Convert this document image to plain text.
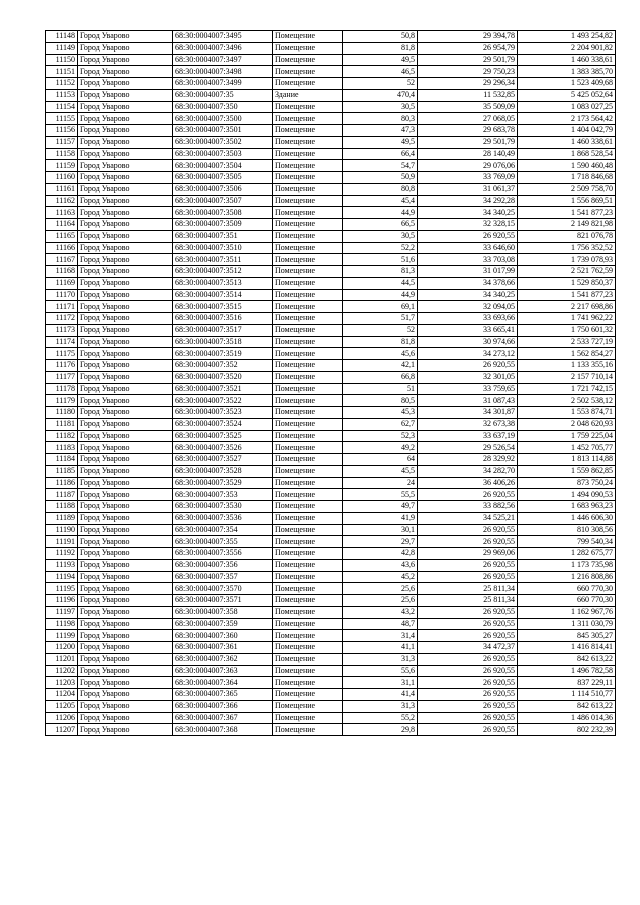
11148	Город Уварово	68:30:0004007:3495	Помещение	50,8	29 394,78	1 493 254,82
11149	Город Уварово	68:30:0004007:3496	Помещение	81,8	26 954,79	2 204 901,82
11150	Город Уварово	68:30:0004007:3497	Помещение	49,5	29 501,79	1 460 338,61
11151	Город Уварово	68:30:0004007:3498	Помещение	46,5	29 750,23	1 383 385,70
11152	Город Уварово	68:30:0004007:3499	Помещение	52	29 296,34	1 523 409,68
11153	Город Уварово	68:30:0004007:35	Здание	470,4	11 532,85	5 425 052,64
11154	Город Уварово	68:30:0004007:350	Помещение	30,5	35 509,09	1 083 027,25
11155	Город Уварово	68:30:0004007:3500	Помещение	80,3	27 068,05	2 173 564,42
11156	Город Уварово	68:30:0004007:3501	Помещение	47,3	29 683,78	1 404 042,79
11157	Город Уварово	68:30:0004007:3502	Помещение	49,5	29 501,79	1 460 338,61
11158	Город Уварово	68:30:0004007:3503	Помещение	66,4	28 140,49	1 868 528,54
11159	Город Уварово	68:30:0004007:3504	Помещение	54,7	29 076,06	1 590 460,48
11160	Город Уварово	68:30:0004007:3505	Помещение	50,9	33 769,09	1 718 846,68
11161	Город Уварово	68:30:0004007:3506	Помещение	80,8	31 061,37	2 509 758,70
11162	Город Уварово	68:30:0004007:3507	Помещение	45,4	34 292,28	1 556 869,51
11163	Город Уварово	68:30:0004007:3508	Помещение	44,9	34 340,25	1 541 877,23
11164	Город Уварово	68:30:0004007:3509	Помещение	66,5	32 328,15	2 149 821,98
11165	Город Уварово	68:30:0004007:351	Помещение	30,5	26 920,55	821 076,78
11166	Город Уварово	68:30:0004007:3510	Помещение	52,2	33 646,60	1 756 352,52
11167	Город Уварово	68:30:0004007:3511	Помещение	51,6	33 703,08	1 739 078,93
11168	Город Уварово	68:30:0004007:3512	Помещение	81,3	31 017,99	2 521 762,59
11169	Город Уварово	68:30:0004007:3513	Помещение	44,5	34 378,66	1 529 850,37
11170	Город Уварово	68:30:0004007:3514	Помещение	44,9	34 340,25	1 541 877,23
11171	Город Уварово	68:30:0004007:3515	Помещение	69,1	32 094,05	2 217 698,86
11172	Город Уварово	68:30:0004007:3516	Помещение	51,7	33 693,66	1 741 962,22
11173	Город Уварово	68:30:0004007:3517	Помещение	52	33 665,41	1 750 601,32
11174	Город Уварово	68:30:0004007:3518	Помещение	81,8	30 974,66	2 533 727,19
11175	Город Уварово	68:30:0004007:3519	Помещение	45,6	34 273,12	1 562 854,27
11176	Город Уварово	68:30:0004007:352	Помещение	42,1	26 920,55	1 133 355,16
11177	Город Уварово	68:30:0004007:3520	Помещение	66,8	32 301,05	2 157 710,14
11178	Город Уварово	68:30:0004007:3521	Помещение	51	33 759,65	1 721 742,15
11179	Город Уварово	68:30:0004007:3522	Помещение	80,5	31 087,43	2 502 538,12
11180	Город Уварово	68:30:0004007:3523	Помещение	45,3	34 301,87	1 553 874,71
11181	Город Уварово	68:30:0004007:3524	Помещение	62,7	32 673,38	2 048 620,93
11182	Город Уварово	68:30:0004007:3525	Помещение	52,3	33 637,19	1 759 225,04
11183	Город Уварово	68:30:0004007:3526	Помещение	49,2	29 526,54	1 452 705,77
11184	Город Уварово	68:30:0004007:3527	Помещение	64	28 329,92	1 813 114,88
11185	Город Уварово	68:30:0004007:3528	Помещение	45,5	34 282,70	1 559 862,85
11186	Город Уварово	68:30:0004007:3529	Помещение	24	36 406,26	873 750,24
11187	Город Уварово	68:30:0004007:353	Помещение	55,5	26 920,55	1 494 090,53
11188	Город Уварово	68:30:0004007:3530	Помещение	49,7	33 882,56	1 683 963,23
11189	Город Уварово	68:30:0004007:3536	Помещение	41,9	34 525,21	1 446 606,30
11190	Город Уварово	68:30:0004007:354	Помещение	30,1	26 920,55	810 308,56
11191	Город Уварово	68:30:0004007:355	Помещение	29,7	26 920,55	799 540,34
11192	Город Уварово	68:30:0004007:3556	Помещение	42,8	29 969,06	1 282 675,77
11193	Город Уварово	68:30:0004007:356	Помещение	43,6	26 920,55	1 173 735,98
11194	Город Уварово	68:30:0004007:357	Помещение	45,2	26 920,55	1 216 808,86
11195	Город Уварово	68:30:0004007:3570	Помещение	25,6	25 811,34	660 770,30
11196	Город Уварово	68:30:0004007:3571	Помещение	25,6	25 811,34	660 770,30
11197	Город Уварово	68:30:0004007:358	Помещение	43,2	26 920,55	1 162 967,76
11198	Город Уварово	68:30:0004007:359	Помещение	48,7	26 920,55	1 311 030,79
11199	Город Уварово	68:30:0004007:360	Помещение	31,4	26 920,55	845 305,27
11200	Город Уварово	68:30:0004007:361	Помещение	41,1	34 472,37	1 416 814,41
11201	Город Уварово	68:30:0004007:362	Помещение	31,3	26 920,55	842 613,22
11202	Город Уварово	68:30:0004007:363	Помещение	55,6	26 920,55	1 496 782,58
11203	Город Уварово	68:30:0004007:364	Помещение	31,1	26 920,55	837 229,11
11204	Город Уварово	68:30:0004007:365	Помещение	41,4	26 920,55	1 114 510,77
11205	Город Уварово	68:30:0004007:366	Помещение	31,3	26 920,55	842 613,22
11206	Город Уварово	68:30:0004007:367	Помещение	55,2	26 920,55	1 486 014,36
11207	Город Уварово	68:30:0004007:368	Помещение	29,8	26 920,55	802 232,39
